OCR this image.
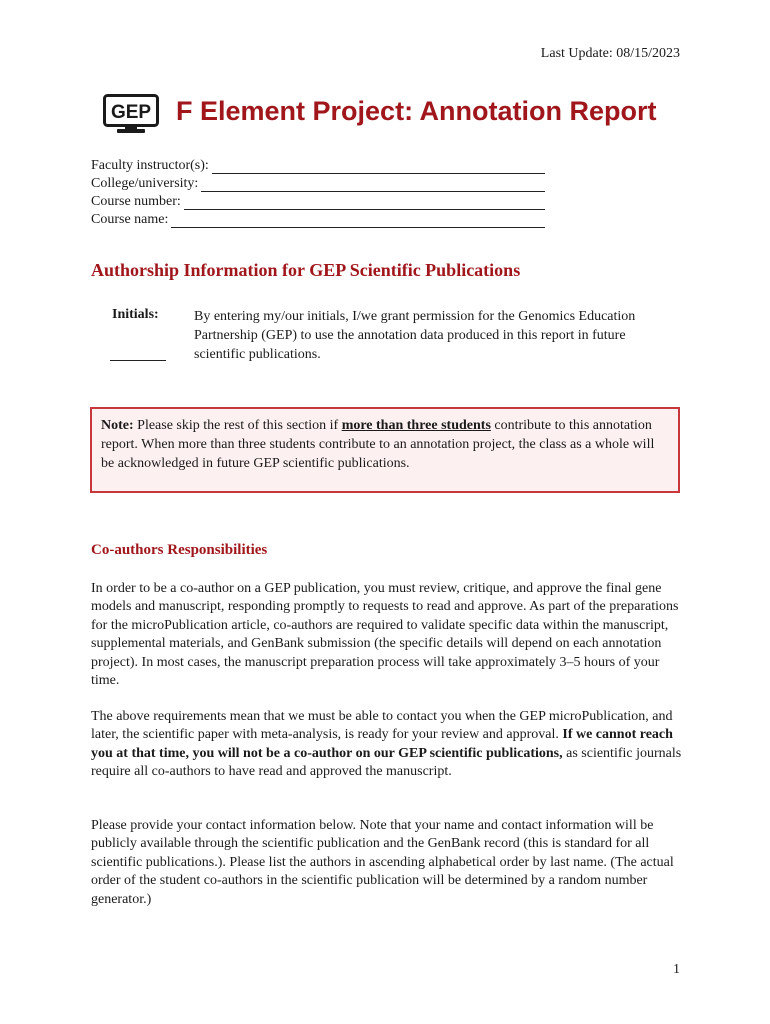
Last Update: 08/15/2023
GEP F Element Project: Annotation Report
Faculty instructor(s):
College/university:
Course number:
Course name:
Authorship Information for GEP Scientific Publications
Initials:	By entering my/our initials, I/we grant permission for the Genomics Education Partnership (GEP) to use the annotation data produced in this report in future scientific publications.
Note: Please skip the rest of this section if more than three students contribute to this annotation report. When more than three students contribute to an annotation project, the class as a whole will be acknowledged in future GEP scientific publications.
Co-authors Responsibilities
In order to be a co-author on a GEP publication, you must review, critique, and approve the final gene models and manuscript, responding promptly to requests to read and approve. As part of the preparations for the microPublication article, co-authors are required to validate specific data within the manuscript, supplemental materials, and GenBank submission (the specific details will depend on each annotation project). In most cases, the manuscript preparation process will take approximately 3–5 hours of your time.
The above requirements mean that we must be able to contact you when the GEP microPublication, and later, the scientific paper with meta-analysis, is ready for your review and approval. If we cannot reach you at that time, you will not be a co-author on our GEP scientific publications, as scientific journals require all co-authors to have read and approved the manuscript.
Please provide your contact information below. Note that your name and contact information will be publicly available through the scientific publication and the GenBank record (this is standard for all scientific publications.). Please list the authors in ascending alphabetical order by last name. (The actual order of the student co-authors in the scientific publication will be determined by a random number generator.)
1
